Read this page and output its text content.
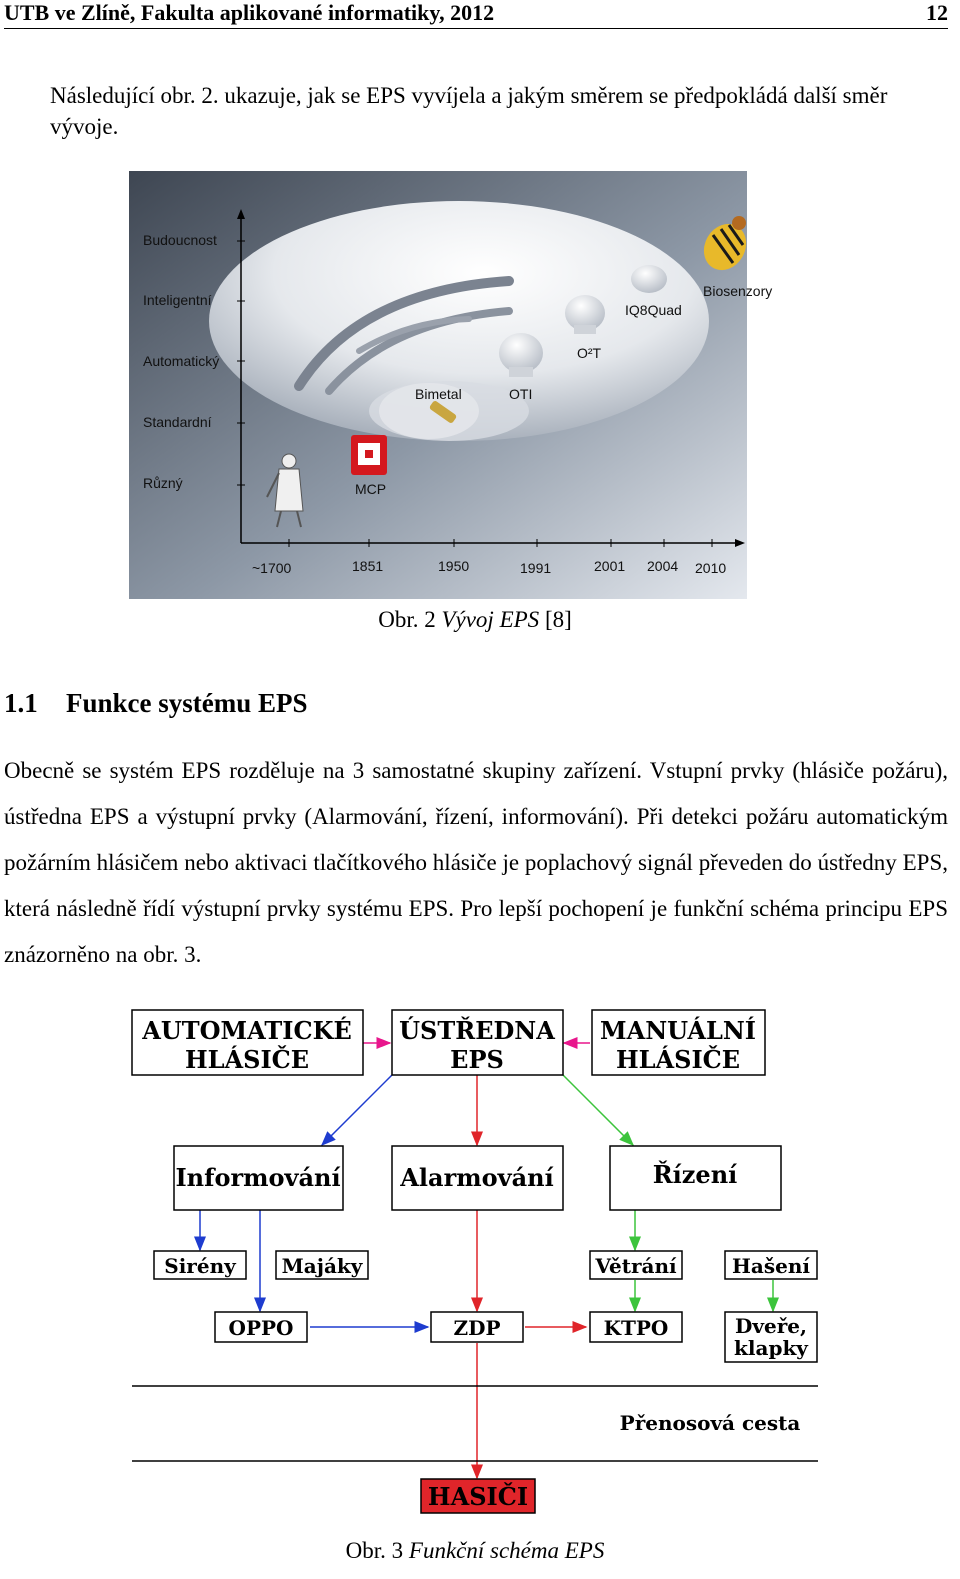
UTB ve Zlíně, Fakulta aplikované informatiky, 2012	12
Následující obr. 2. ukazuje, jak se EPS vyvíjela a jakým směrem se předpokládá další směr vývoje.
Budoucnost
Inteligentní
Automatický
Standardní
Různý
~1700	1851	1950	1991	2001 2004 2010
MCP
Bimetal	OTI
O²T
IQ8Quad
Biosenzory
Obr. 2 Vývoj EPS [8]
1.1 Funkce systému EPS
Obecně se systém EPS rozděluje na 3 samostatné skupiny zařízení. Vstupní prvky (hlásiče požáru), ústředna EPS a výstupní prvky (Alarmování, řízení, informování). Při detekci požáru automatickým požárním hlásičem nebo aktivaci tlačítkového hlásiče je poplachový signál převeden do ústředny EPS, která následně řídí výstupní prvky systému EPS. Pro lepší pochopení je funkční schéma principu EPS znázorněno na obr. 3.
AUTOMATICKÉ
HLÁSIČE
ÚSTŘEDNA
EPS
MANUÁLNÍ
HLÁSIČE
Informování Alarmování	Řízení
Sirény Majáky	Větrání	Hašení
OPPO	ZDP	KTPO	Dveře,
klapky
Přenosová cesta
HASIČI
Obr. 3 Funkční schéma EPS
